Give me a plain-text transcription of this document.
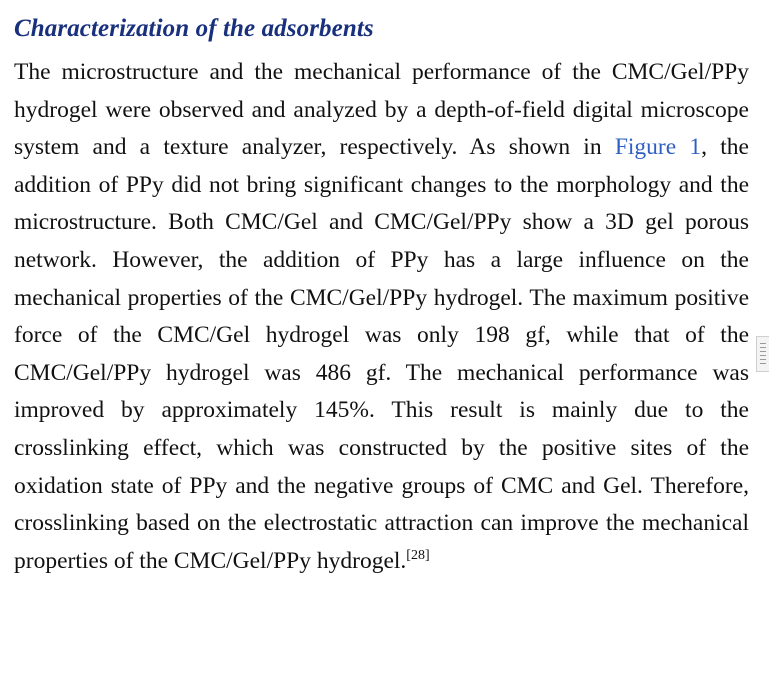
Characterization of the adsorbents

The microstructure and the mechanical performance of the CMC/Gel/PPy hydrogel were observed and analyzed by a depth-of-field digital microscope system and a texture analyzer, respectively. As shown in Figure 1, the addition of PPy did not bring significant changes to the morphology and the microstructure. Both CMC/Gel and CMC/Gel/PPy show a 3D gel porous network. However, the addition of PPy has a large influence on the mechanical properties of the CMC/Gel/PPy hydrogel. The maximum positive force of the CMC/Gel hydrogel was only 198 gf, while that of the CMC/Gel/PPy hydrogel was 486 gf. The mechanical performance was improved by approximately 145%. This result is mainly due to the crosslinking effect, which was constructed by the positive sites of the oxidation state of PPy and the negative groups of CMC and Gel. Therefore, crosslinking based on the electrostatic attraction can improve the mechanical properties of the CMC/Gel/PPy hydrogel.[28]
